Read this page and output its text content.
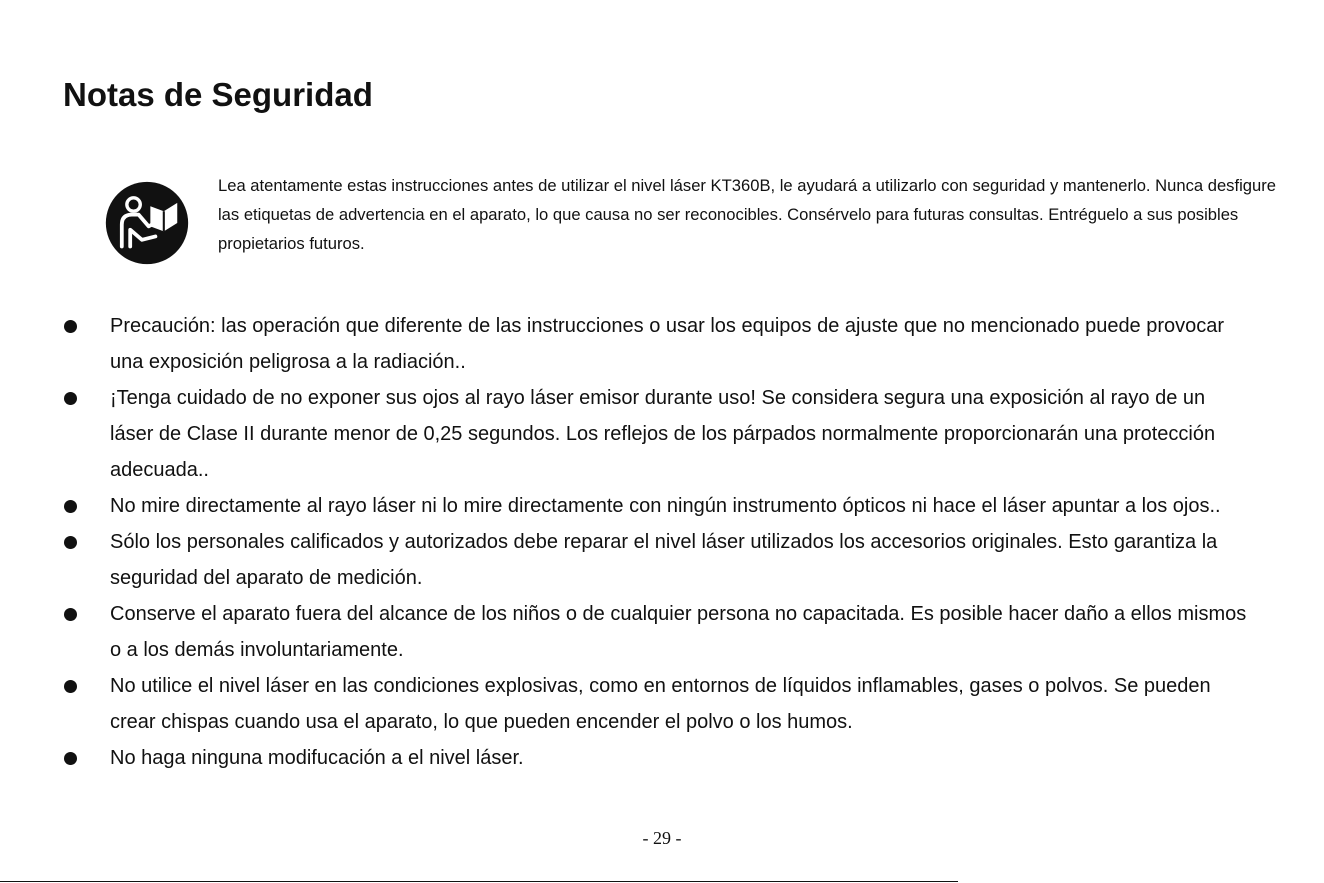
Notas de Seguridad

Lea atentamente estas instrucciones antes de utilizar el nivel láser KT360B, le ayudará a utilizarlo con seguridad y mantenerlo. Nunca desfigure las etiquetas de advertencia en el aparato, lo que causa no ser reconocibles. Consérvelo para futuras consultas. Entréguelo a sus posibles propietarios futuros.

Precaución: las operación que diferente de las instrucciones o usar los equipos de ajuste que no mencionado puede provocar una exposición peligrosa a la radiación..
¡Tenga cuidado de no exponer sus ojos al rayo láser emisor durante uso! Se considera segura una exposición al rayo de un láser de Clase II durante menor de 0,25 segundos. Los reflejos de los párpados normalmente proporcionarán una protección adecuada..
No mire directamente al rayo láser ni lo mire directamente con ningún instrumento ópticos ni hace el láser apuntar a los ojos..
Sólo los personales calificados y autorizados debe reparar el nivel láser utilizados los accesorios originales. Esto garantiza la seguridad del aparato de medición.
Conserve el aparato fuera del alcance de los niños o de cualquier persona no capacitada. Es posible hacer daño a ellos mismos o a los demás involuntariamente.
No utilice el nivel láser en las condiciones explosivas, como en entornos de líquidos inflamables, gases o polvos. Se pueden crear chispas cuando usa el aparato, lo que pueden encender el polvo o los humos.
No haga ninguna modifucación a el nivel láser.
- 29 -
